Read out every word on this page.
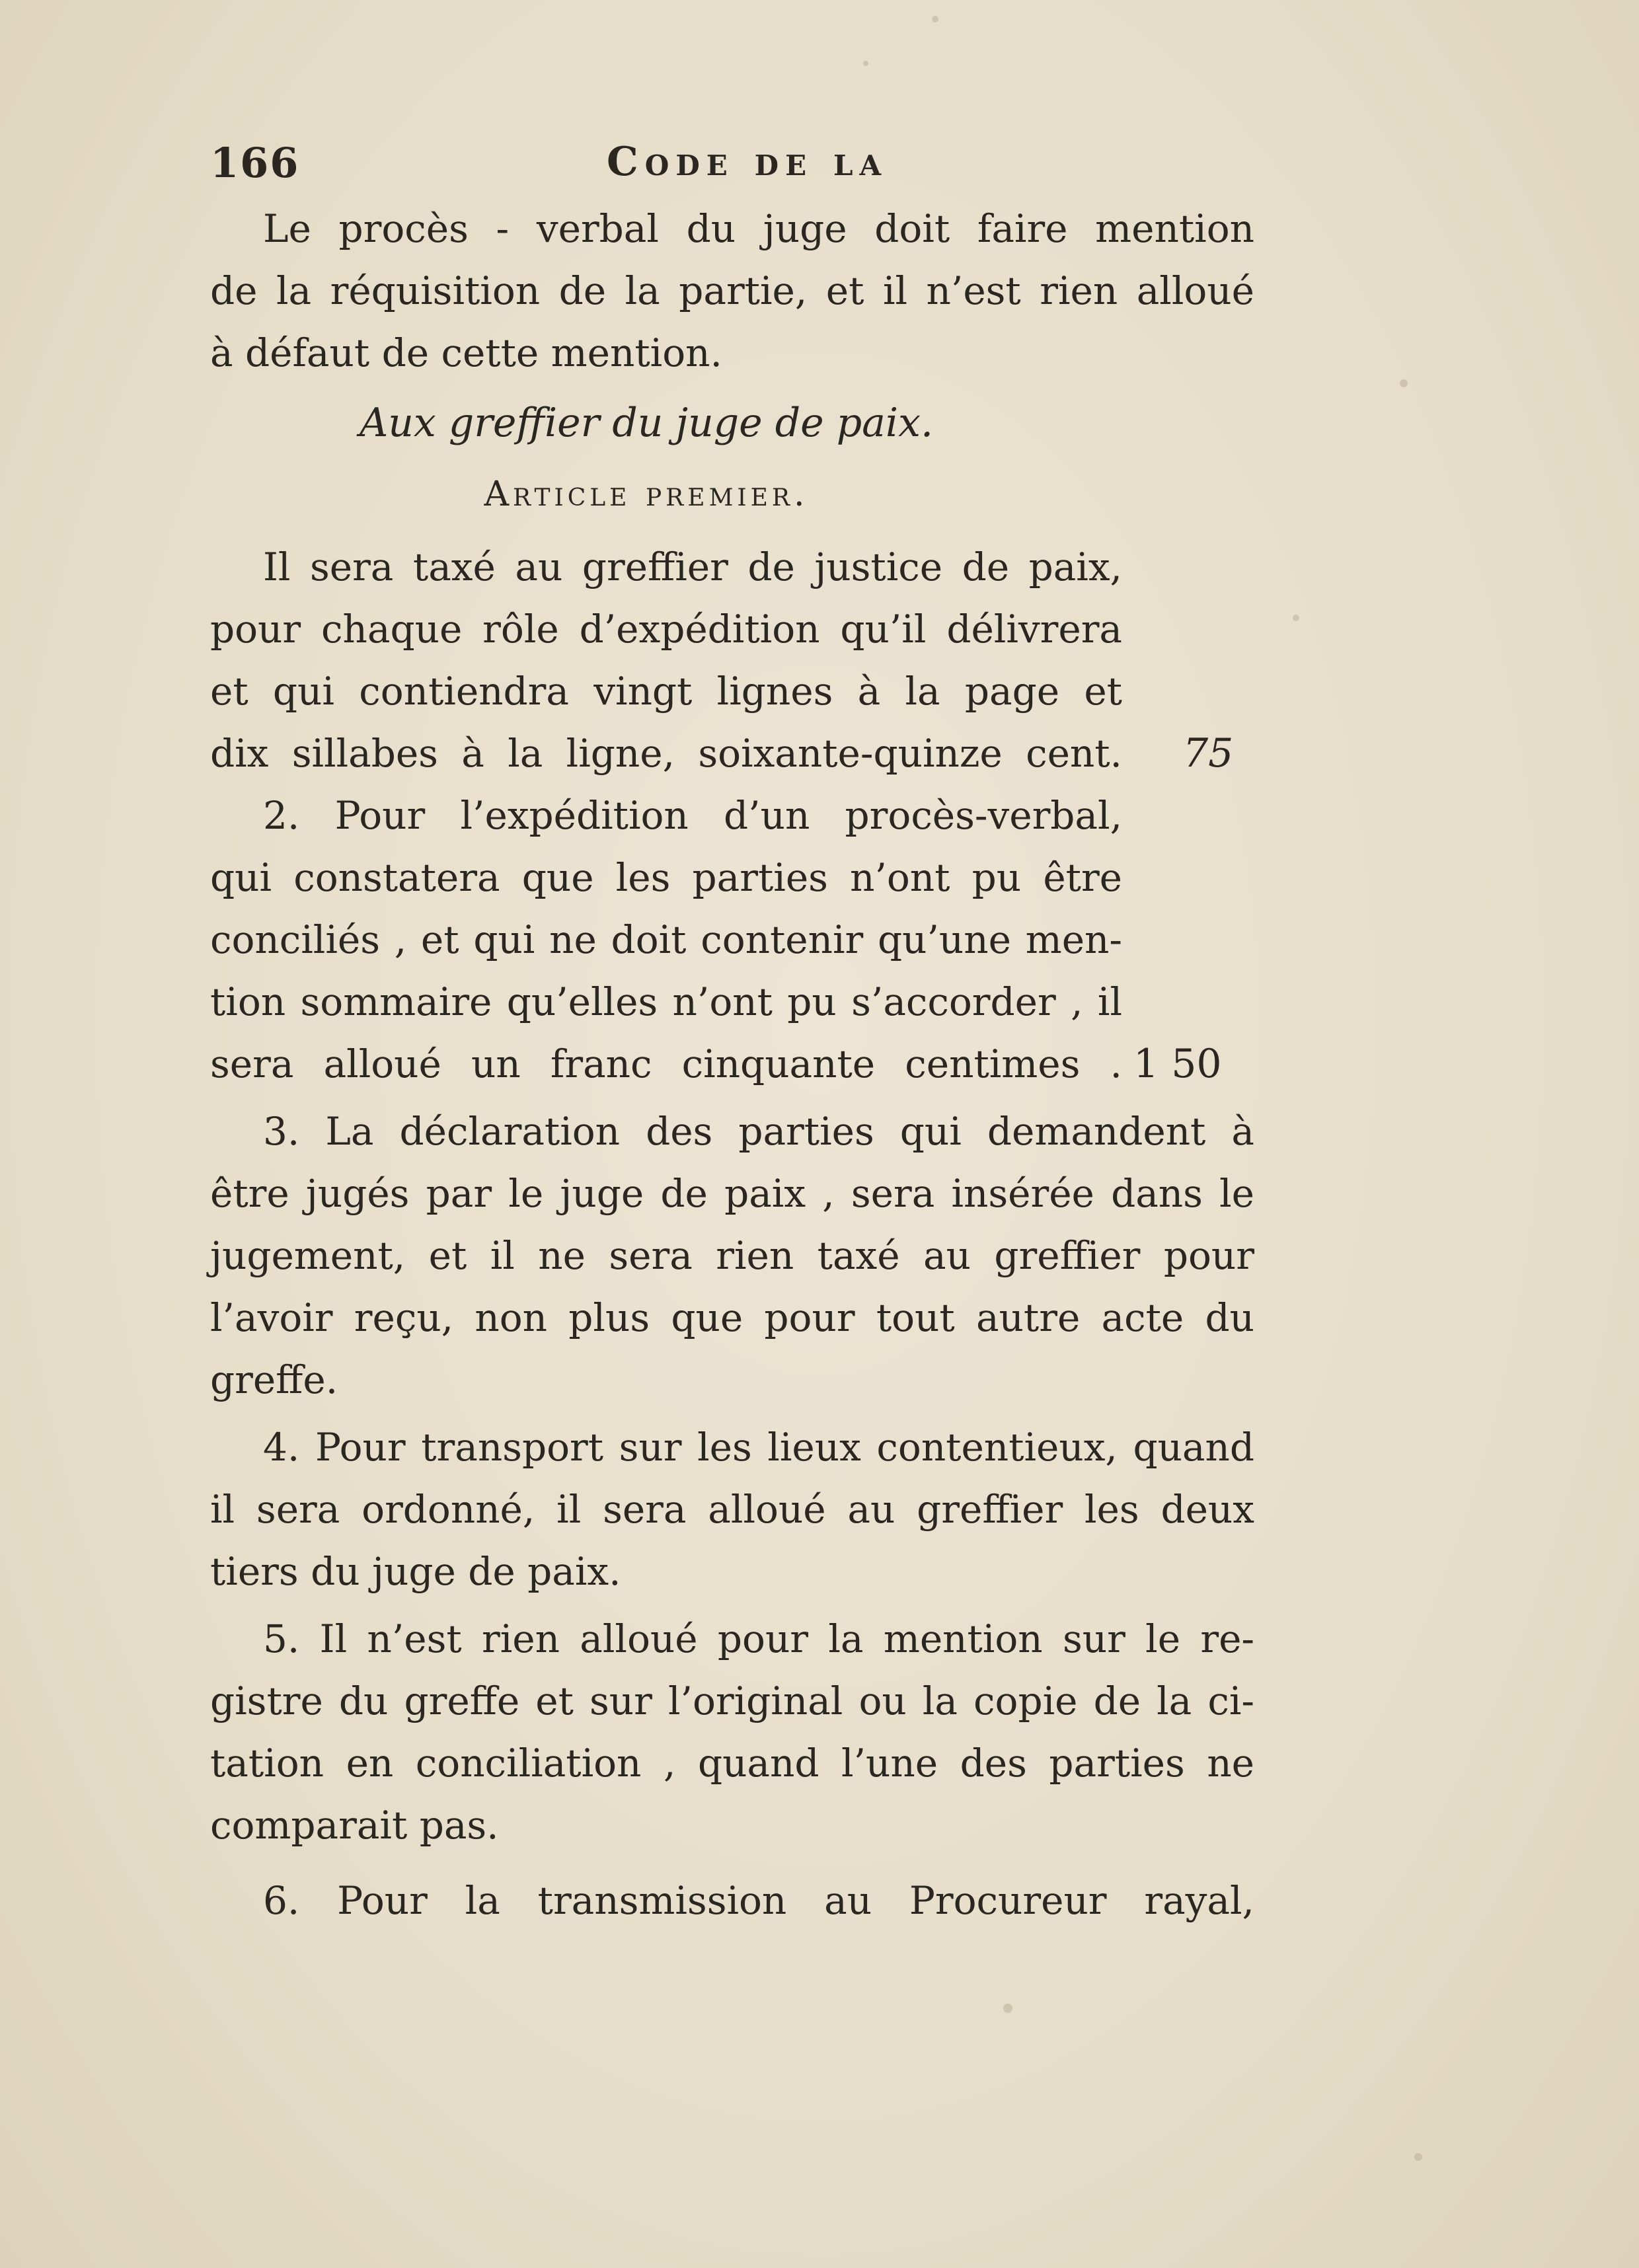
166	Code de la
Le procès - verbal du juge doit faire mention
de la réquisition de la partie, et il n’est rien alloué
à défaut de cette mention.
Aux greffier du juge de paix.
Article premier.
Il sera taxé au greffier de justice de paix,
pour chaque rôle d’expédition qu’il délivrera
et qui contiendra vingt lignes à la page et
dix sillabes à la ligne, soixante-quinze cent. 75
2. Pour l’expédition d’un procès-verbal,
qui constatera que les parties n’ont pu être
conciliés , et qui ne doit contenir qu’une men-
tion sommaire qu’elles n’ont pu s’accorder , il
sera alloué un franc cinquante centimes . 1 50
3. La déclaration des parties qui demandent à
être jugés par le juge de paix , sera insérée dans le
jugement, et il ne sera rien taxé au greffier pour
l’avoir reçu, non plus que pour tout autre acte du
greffe.
4. Pour transport sur les lieux contentieux, quand
il sera ordonné, il sera alloué au greffier les deux
tiers du juge de paix.
5. Il n’est rien alloué pour la mention sur le re-
gistre du greffe et sur l’original ou la copie de la ci-
tation en conciliation , quand l’une des parties ne
comparait pas.
6. Pour la transmission au Procureur rayal,
